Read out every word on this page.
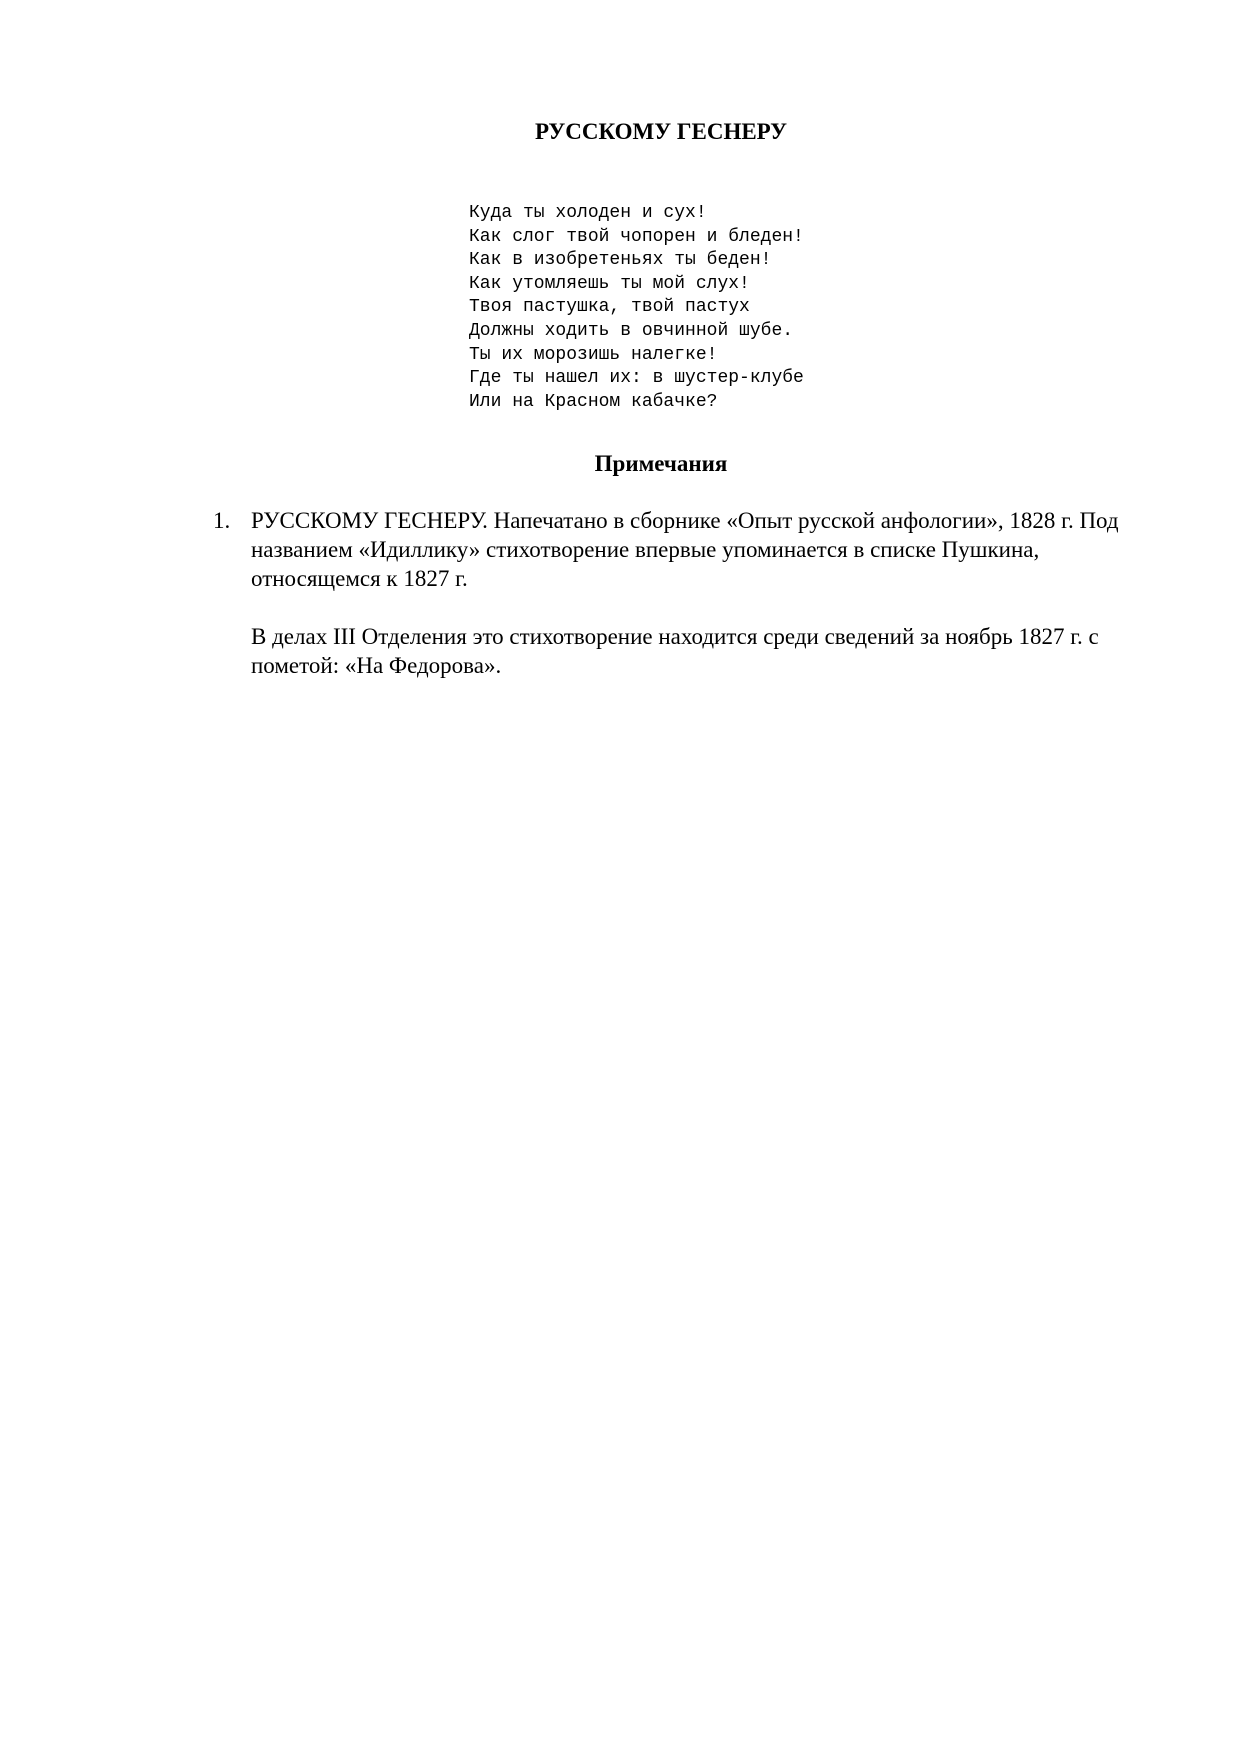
РУССКОМУ ГЕСНЕРУ
Куда ты холоден и сух!
Как слог твой чопорен и бледен!
Как в изобретеньях ты беден!
Как утомляешь ты мой слух!
Твоя пастушка, твой пастух
Должны ходить в овчинной шубе.
Ты их морозишь налегке!
Где ты нашел их: в шустер-клубе
Или на Красном кабачке?
Примечания
1. РУССКОМУ ГЕСНЕРУ. Напечатано в сборнике «Опыт русской анфологии», 1828 г. Под названием «Идиллику» стихотворение впервые упоминается в списке Пушкина, относящемся к 1827 г.

В делах III Отделения это стихотворение находится среди сведений за ноябрь 1827 г. с пометой: «На Федорова».
